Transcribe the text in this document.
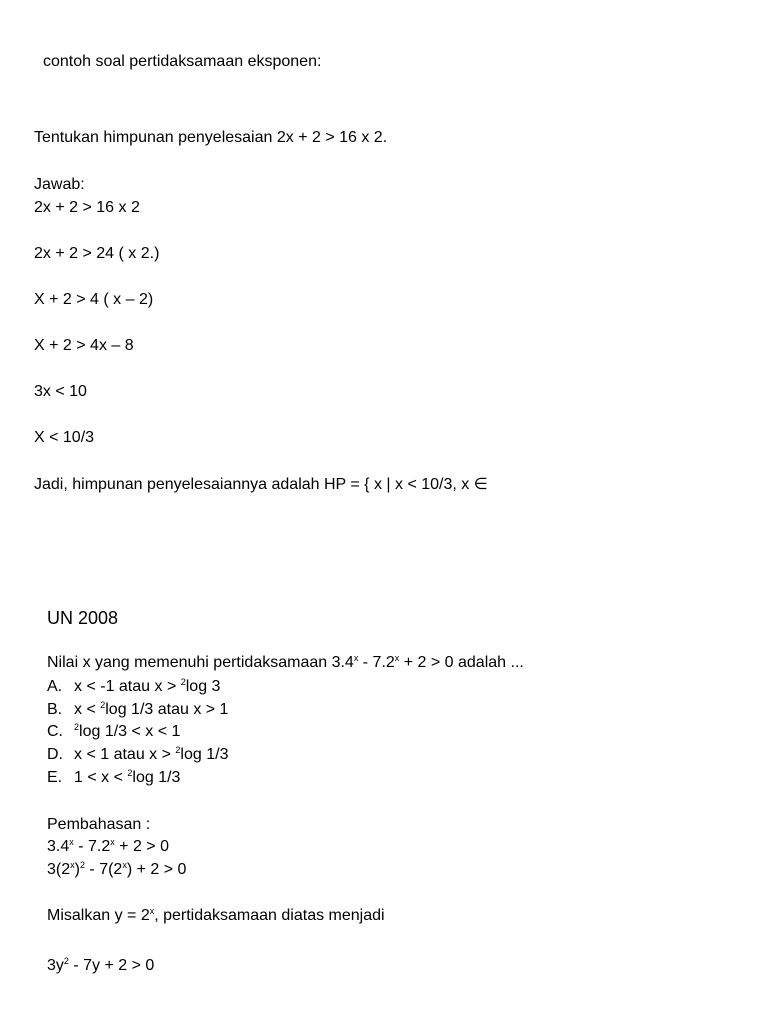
contoh soal pertidaksamaan eksponen:
Tentukan himpunan penyelesaian 2x + 2 > 16 x 2.
Jawab:
2x + 2 > 16 x 2
2x + 2 > 24 ( x 2.)
X + 2 > 4 ( x – 2)
X + 2 > 4x – 8
3x < 10
X < 10/3
Jadi, himpunan penyelesaiannya adalah HP = { x | x < 10/3, x ∈
UN 2008
Nilai x yang memenuhi pertidaksamaan $3.4^x - 7.2^x + 2 > 0$ adalah ...
A. x < -1 atau x > $^2$log 3
B. x < $^2$log 1/3 atau x > 1
C. $^2$log 1/3 < x < 1
D. x < 1 atau x > $^2$log 1/3
E. 1 < x < $^2$log 1/3
Pembahasan :
$3.4^x - 7.2^x + 2 > 0$
$3(2^x)^2 - 7(2^x) + 2 > 0$
Misalkan $y = 2^x$, pertidaksamaan diatas menjadi
$3y^2 - 7y + 2 > 0$
